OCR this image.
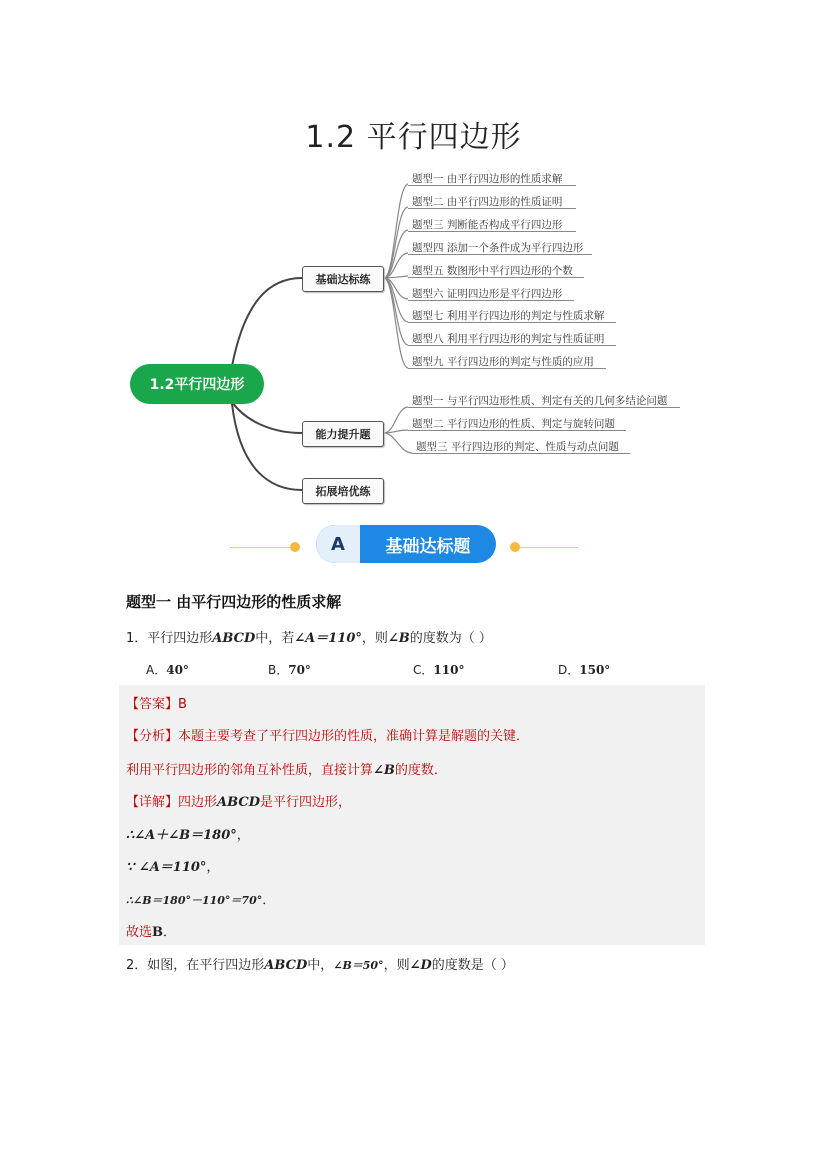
1.2 平行四边形
1.2平行四边形
基础达标练
能力提升题
拓展培优练
题型一 由平行四边形的性质求解
题型二 由平行四边形的性质证明
题型三 判断能否构成平行四边形
题型四 添加一个条件成为平行四边形
题型五 数图形中平行四边形的个数
题型六 证明四边形是平行四边形
题型七 利用平行四边形的判定与性质求解
题型八 利用平行四边形的判定与性质证明
题型九 平行四边形的判定与性质的应用
题型一 与平行四边形性质、判定有关的几何多结论问题
题型二 平行四边形的性质、判定与旋转问题
题型三 平行四边形的判定、性质与动点问题
A	基础达标题
题型一 由平行四边形的性质求解
1．平行四边形ABCD中，若∠A＝110°，则∠B的度数为（ ）
A．40°	B．70°	C．110°	D．150°
【答案】B
【分析】本题主要考查了平行四边形的性质，准确计算是解题的关键．
利用平行四边形的邻角互补性质，直接计算∠B的度数．
【详解】四边形ABCD是平行四边形，
∴∠A＋∠B＝180°，
∵ ∠A＝110°，
∴∠B＝180°－110°＝70°．
故选B．
2．如图，在平行四边形ABCD中，∠B＝50°，则∠D的度数是（ ）
